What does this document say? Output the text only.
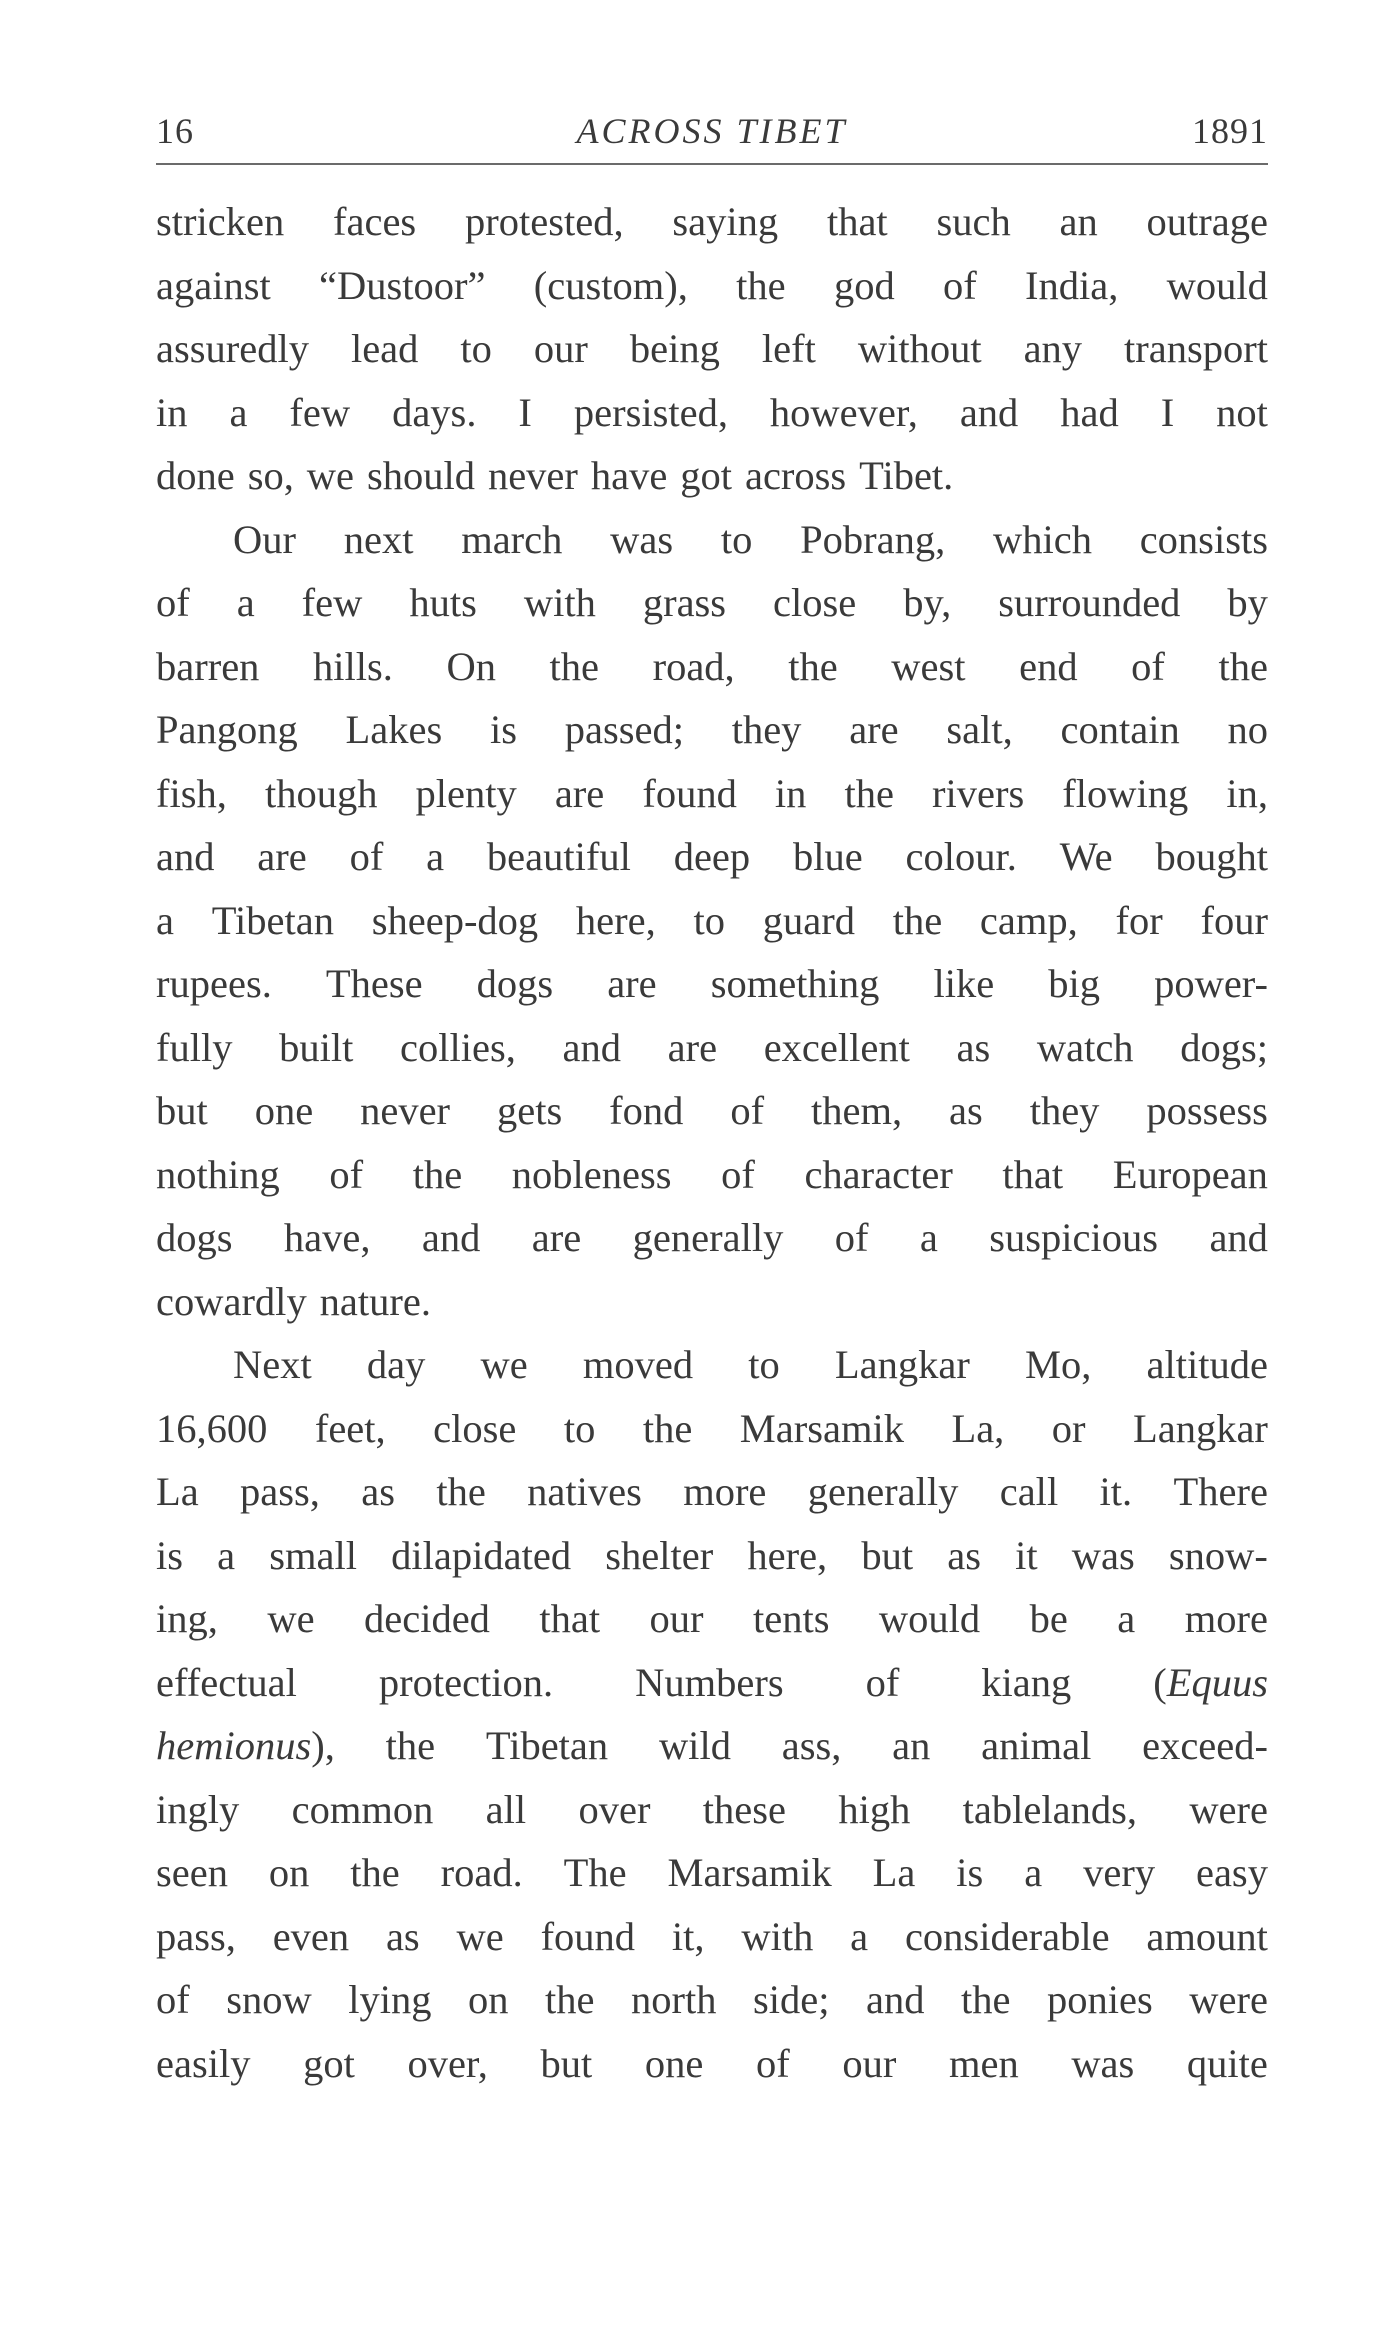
16	ACROSS TIBET	1891
stricken faces protested, saying that such an outrage
against “Dustoor” (custom), the god of India, would
assuredly lead to our being left without any transport
in a few days. I persisted, however, and had I not
done so, we should never have got across Tibet.
Our next march was to Pobrang, which consists
of a few huts with grass close by, surrounded by
barren hills. On the road, the west end of the
Pangong Lakes is passed; they are salt, contain no
fish, though plenty are found in the rivers flowing in,
and are of a beautiful deep blue colour. We bought
a Tibetan sheep-dog here, to guard the camp, for four
rupees. These dogs are something like big power-
fully built collies, and are excellent as watch dogs;
but one never gets fond of them, as they possess
nothing of the nobleness of character that European
dogs have, and are generally of a suspicious and
cowardly nature.
Next day we moved to Langkar Mo, altitude
16,600 feet, close to the Marsamik La, or Langkar
La pass, as the natives more generally call it. There
is a small dilapidated shelter here, but as it was snow-
ing, we decided that our tents would be a more
effectual protection. Numbers of kiang (Equus
hemionus), the Tibetan wild ass, an animal exceed-
ingly common all over these high tablelands, were
seen on the road. The Marsamik La is a very easy
pass, even as we found it, with a considerable amount
of snow lying on the north side; and the ponies were
easily got over, but one of our men was quite
